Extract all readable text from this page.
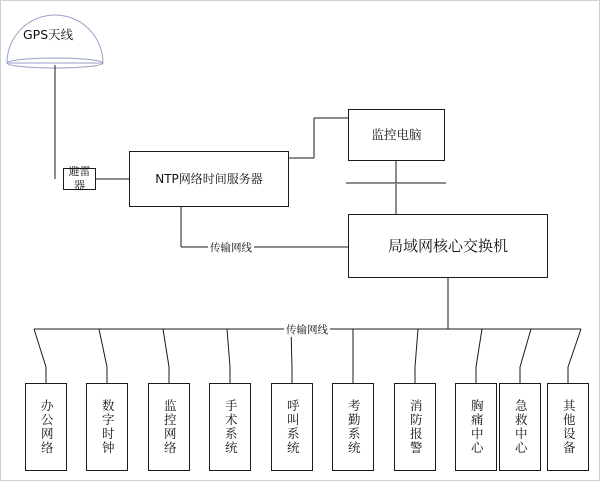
GPS天线
避雷器	NTP网络时间服务器
监控电脑
局域网核心交换机
传输网线
传输网线
办公网络	数字时钟	监控网络	手术系统	呼叫系统	考勤系统	消防报警	胸痛中心	急救中心	其他设备
